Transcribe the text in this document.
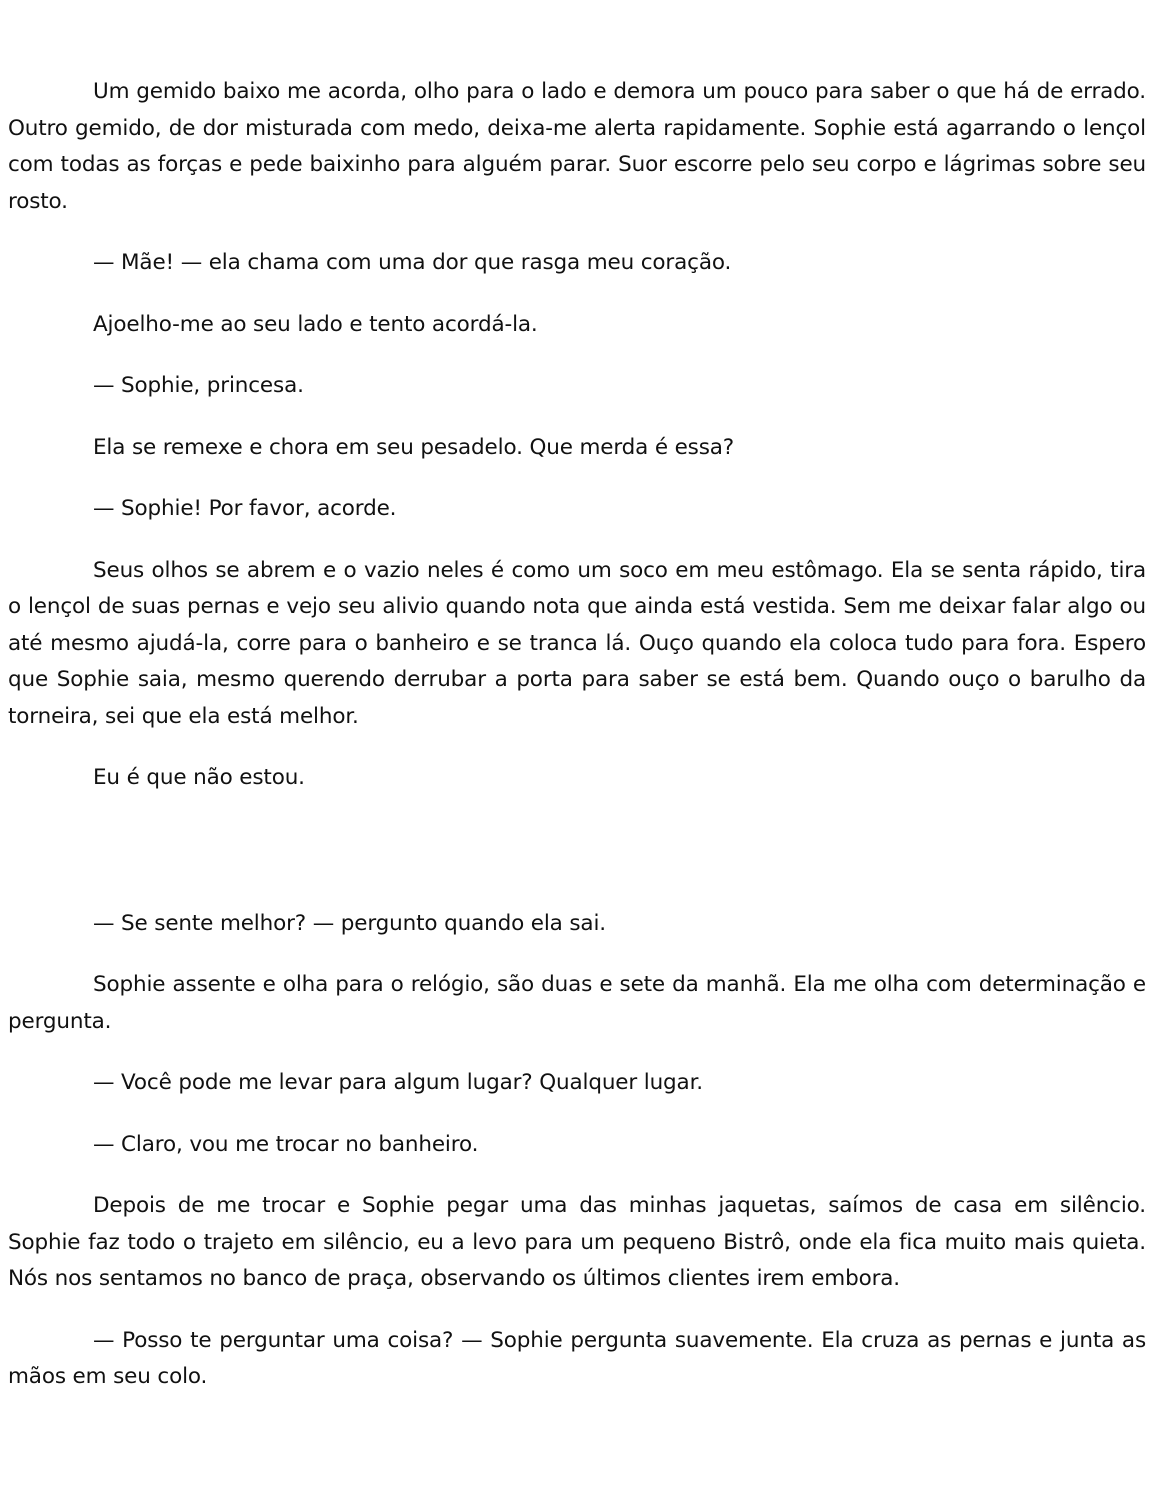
Um gemido baixo me acorda, olho para o lado e demora um pouco para saber o que há de errado. Outro gemido, de dor misturada com medo, deixa-me alerta rapidamente. Sophie está agarrando o lençol com todas as forças e pede baixinho para alguém parar. Suor escorre pelo seu corpo e lágrimas sobre seu rosto.

— Mãe! — ela chama com uma dor que rasga meu coração.

Ajoelho-me ao seu lado e tento acordá-la.

— Sophie, princesa.

Ela se remexe e chora em seu pesadelo. Que merda é essa?

— Sophie! Por favor, acorde.

Seus olhos se abrem e o vazio neles é como um soco em meu estômago. Ela se senta rápido, tira o lençol de suas pernas e vejo seu alivio quando nota que ainda está vestida. Sem me deixar falar algo ou até mesmo ajudá-la, corre para o banheiro e se tranca lá. Ouço quando ela coloca tudo para fora. Espero que Sophie saia, mesmo querendo derrubar a porta para saber se está bem. Quando ouço o barulho da torneira, sei que ela está melhor.

Eu é que não estou.

— Se sente melhor? — pergunto quando ela sai.

Sophie assente e olha para o relógio, são duas e sete da manhã. Ela me olha com determinação e pergunta.

— Você pode me levar para algum lugar? Qualquer lugar.

— Claro, vou me trocar no banheiro.

Depois de me trocar e Sophie pegar uma das minhas jaquetas, saímos de casa em silêncio. Sophie faz todo o trajeto em silêncio, eu a levo para um pequeno Bistrô, onde ela fica muito mais quieta. Nós nos sentamos no banco de praça, observando os últimos clientes irem embora.

— Posso te perguntar uma coisa? — Sophie pergunta suavemente. Ela cruza as pernas e junta as mãos em seu colo.
